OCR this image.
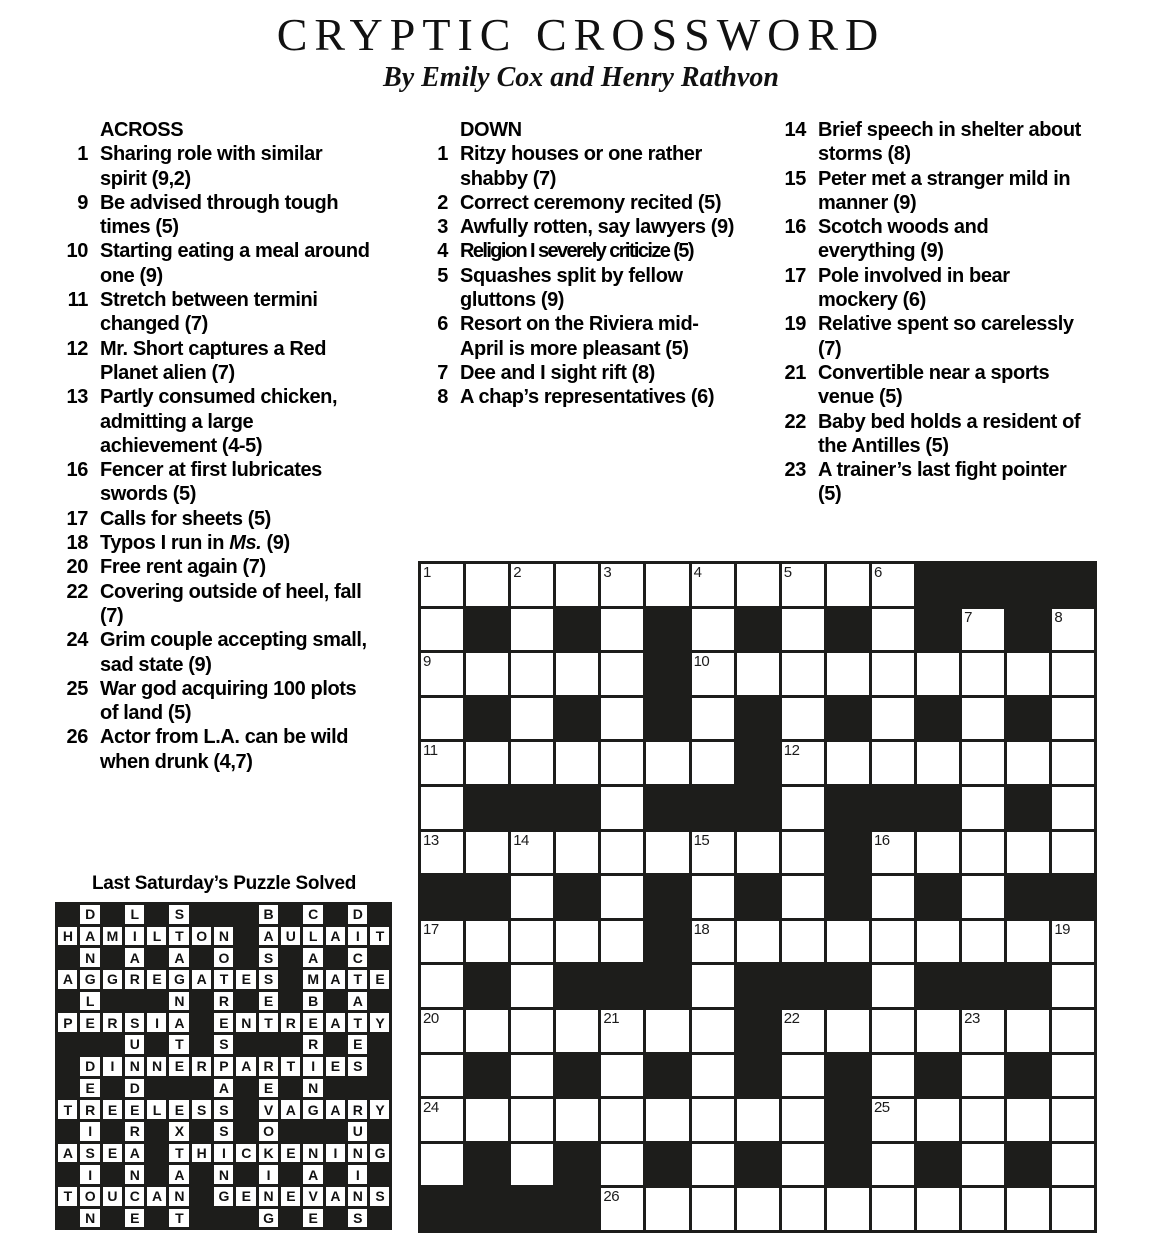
CRYPTIC CROSSWORD
By Emily Cox and Henry Rathvon
ACROSS
1 Sharing role with similar spirit (9,2)
9 Be advised through tough times (5)
10 Starting eating a meal around one (9)
11 Stretch between termini changed (7)
12 Mr. Short captures a Red Planet alien (7)
13 Partly consumed chicken, admitting a large achievement (4-5)
16 Fencer at first lubricates swords (5)
17 Calls for sheets (5)
18 Typos I run in Ms. (9)
20 Free rent again (7)
22 Covering outside of heel, fall (7)
24 Grim couple accepting small, sad state (9)
25 War god acquiring 100 plots of land (5)
26 Actor from L.A. can be wild when drunk (4,7)
DOWN
1 Ritzy houses or one rather shabby (7)
2 Correct ceremony recited (5)
3 Awfully rotten, say lawyers (9)
4 Religion I severely criticize (5)
5 Squashes split by fellow gluttons (9)
6 Resort on the Riviera mid-April is more pleasant (5)
7 Dee and I sight rift (8)
8 A chap’s representatives (6)
14 Brief speech in shelter about storms (8)
15 Peter met a stranger mild in manner (9)
16 Scotch woods and everything (9)
17 Pole involved in bear mockery (6)
19 Relative spent so carelessly (7)
21 Convertible near a sports venue (5)
22 Baby bed holds a resident of the Antilles (5)
23 A trainer’s last fight pointer (5)
1	2	3	4	5	6
7	8
9	10
11	12
13	14	15	16
17	18	19
20	21	22	23
24	25
26
Last Saturday’s Puzzle Solved
D	L	S	B	C	D
H A M	I	L	T O N	A U L A	I	T
N	A	A	O	S	A	C
A G G R E G A T E S	M A T E
L	N	R	E	B	A
P E R S	I	A	E N T R E A T Y
U	T	S	R	E
D	I	N N E R P A R T	I	E S
E	D	A	E	N
T R E E L E S S	V A G A R Y
I	R	X	S	O	U
A S E A	T H	I	C K E N	I	N G
I	N	A	N	I	A	I
T O U C A N	G E N E V A N S
N	E	T	G	E	S
